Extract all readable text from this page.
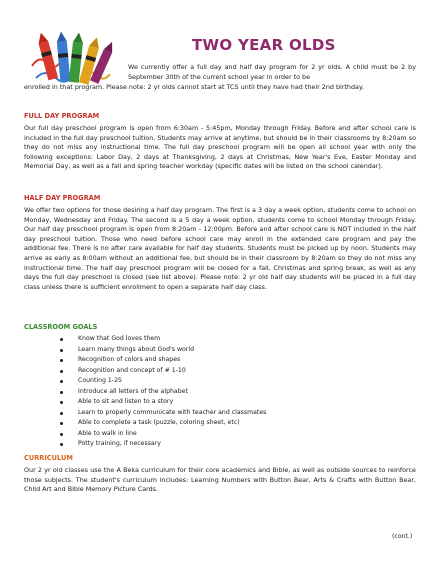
TWO YEAR OLDS

We currently offer a full day and half day program for 2 yr olds. A child must be 2 by September 30th of the current school year in order to be

enrolled in that program. Please note: 2 yr olds cannot start at TCS until they have had their 2nd birthday.

FULL DAY PROGRAM

Our full day preschool program is open from 6:30am - 5:45pm, Monday through Friday. Before and after school care is included in the full day preschool tuition. Students may arrive at anytime, but should be in their classrooms by 8:20am so they do not miss any instructional time. The full day preschool program will be open all school year with only the following exceptions: Labor Day, 2 days at Thanksgiving, 2 days at Christmas, New Year's Eve, Easter Monday and Memorial Day, as well as a fall and spring teacher workday (specific dates will be listed on the school calendar).

HALF DAY PROGRAM

We offer two options for those desiring a half day program. The first is a 3 day a week option, students come to school on Monday, Wednesday and Friday. The second is a 5 day a week option, students come to school Monday through Friday. Our half day preschool program is open from 8:20am - 12:00pm. Before and after school care is NOT included in the half day preschool tuition. Those who need before school care may enroll in the extended care program and pay the additional fee. There is no after care available for half day students. Students must be picked up by noon. Students may arrive as early as 8:00am without an additional fee, but should be in their classroom by 8:20am so they do not miss any instructional time. The half day preschool program will be closed for a fall, Christmas and spring break, as well as any days the full day preschool is closed (see list above). Please note: 2 yr old half day students will be placed in a full day class unless there is sufficient enrollment to open a separate half day class.

CLASSROOM GOALS
Know that God loves them
Learn many things about God's world
Recognition of colors and shapes
Recognition and concept of # 1-10
Counting 1-25
Introduce all letters of the alphabet
Able to sit and listen to a story
Learn to properly communicate with teacher and classmates
Able to complete a task (puzzle, coloring sheet, etc)
Able to walk in line
Potty training, if necessary
CURRICULUM

Our 2 yr old classes use the A Beka curriculum for their core academics and Bible, as well as outside sources to reinforce those subjects. The student's curriculum includes: Learning Numbers with Button Bear, Arts & Crafts with Button Bear, Child Art and Bible Memory Picture Cards.

(cont.)
